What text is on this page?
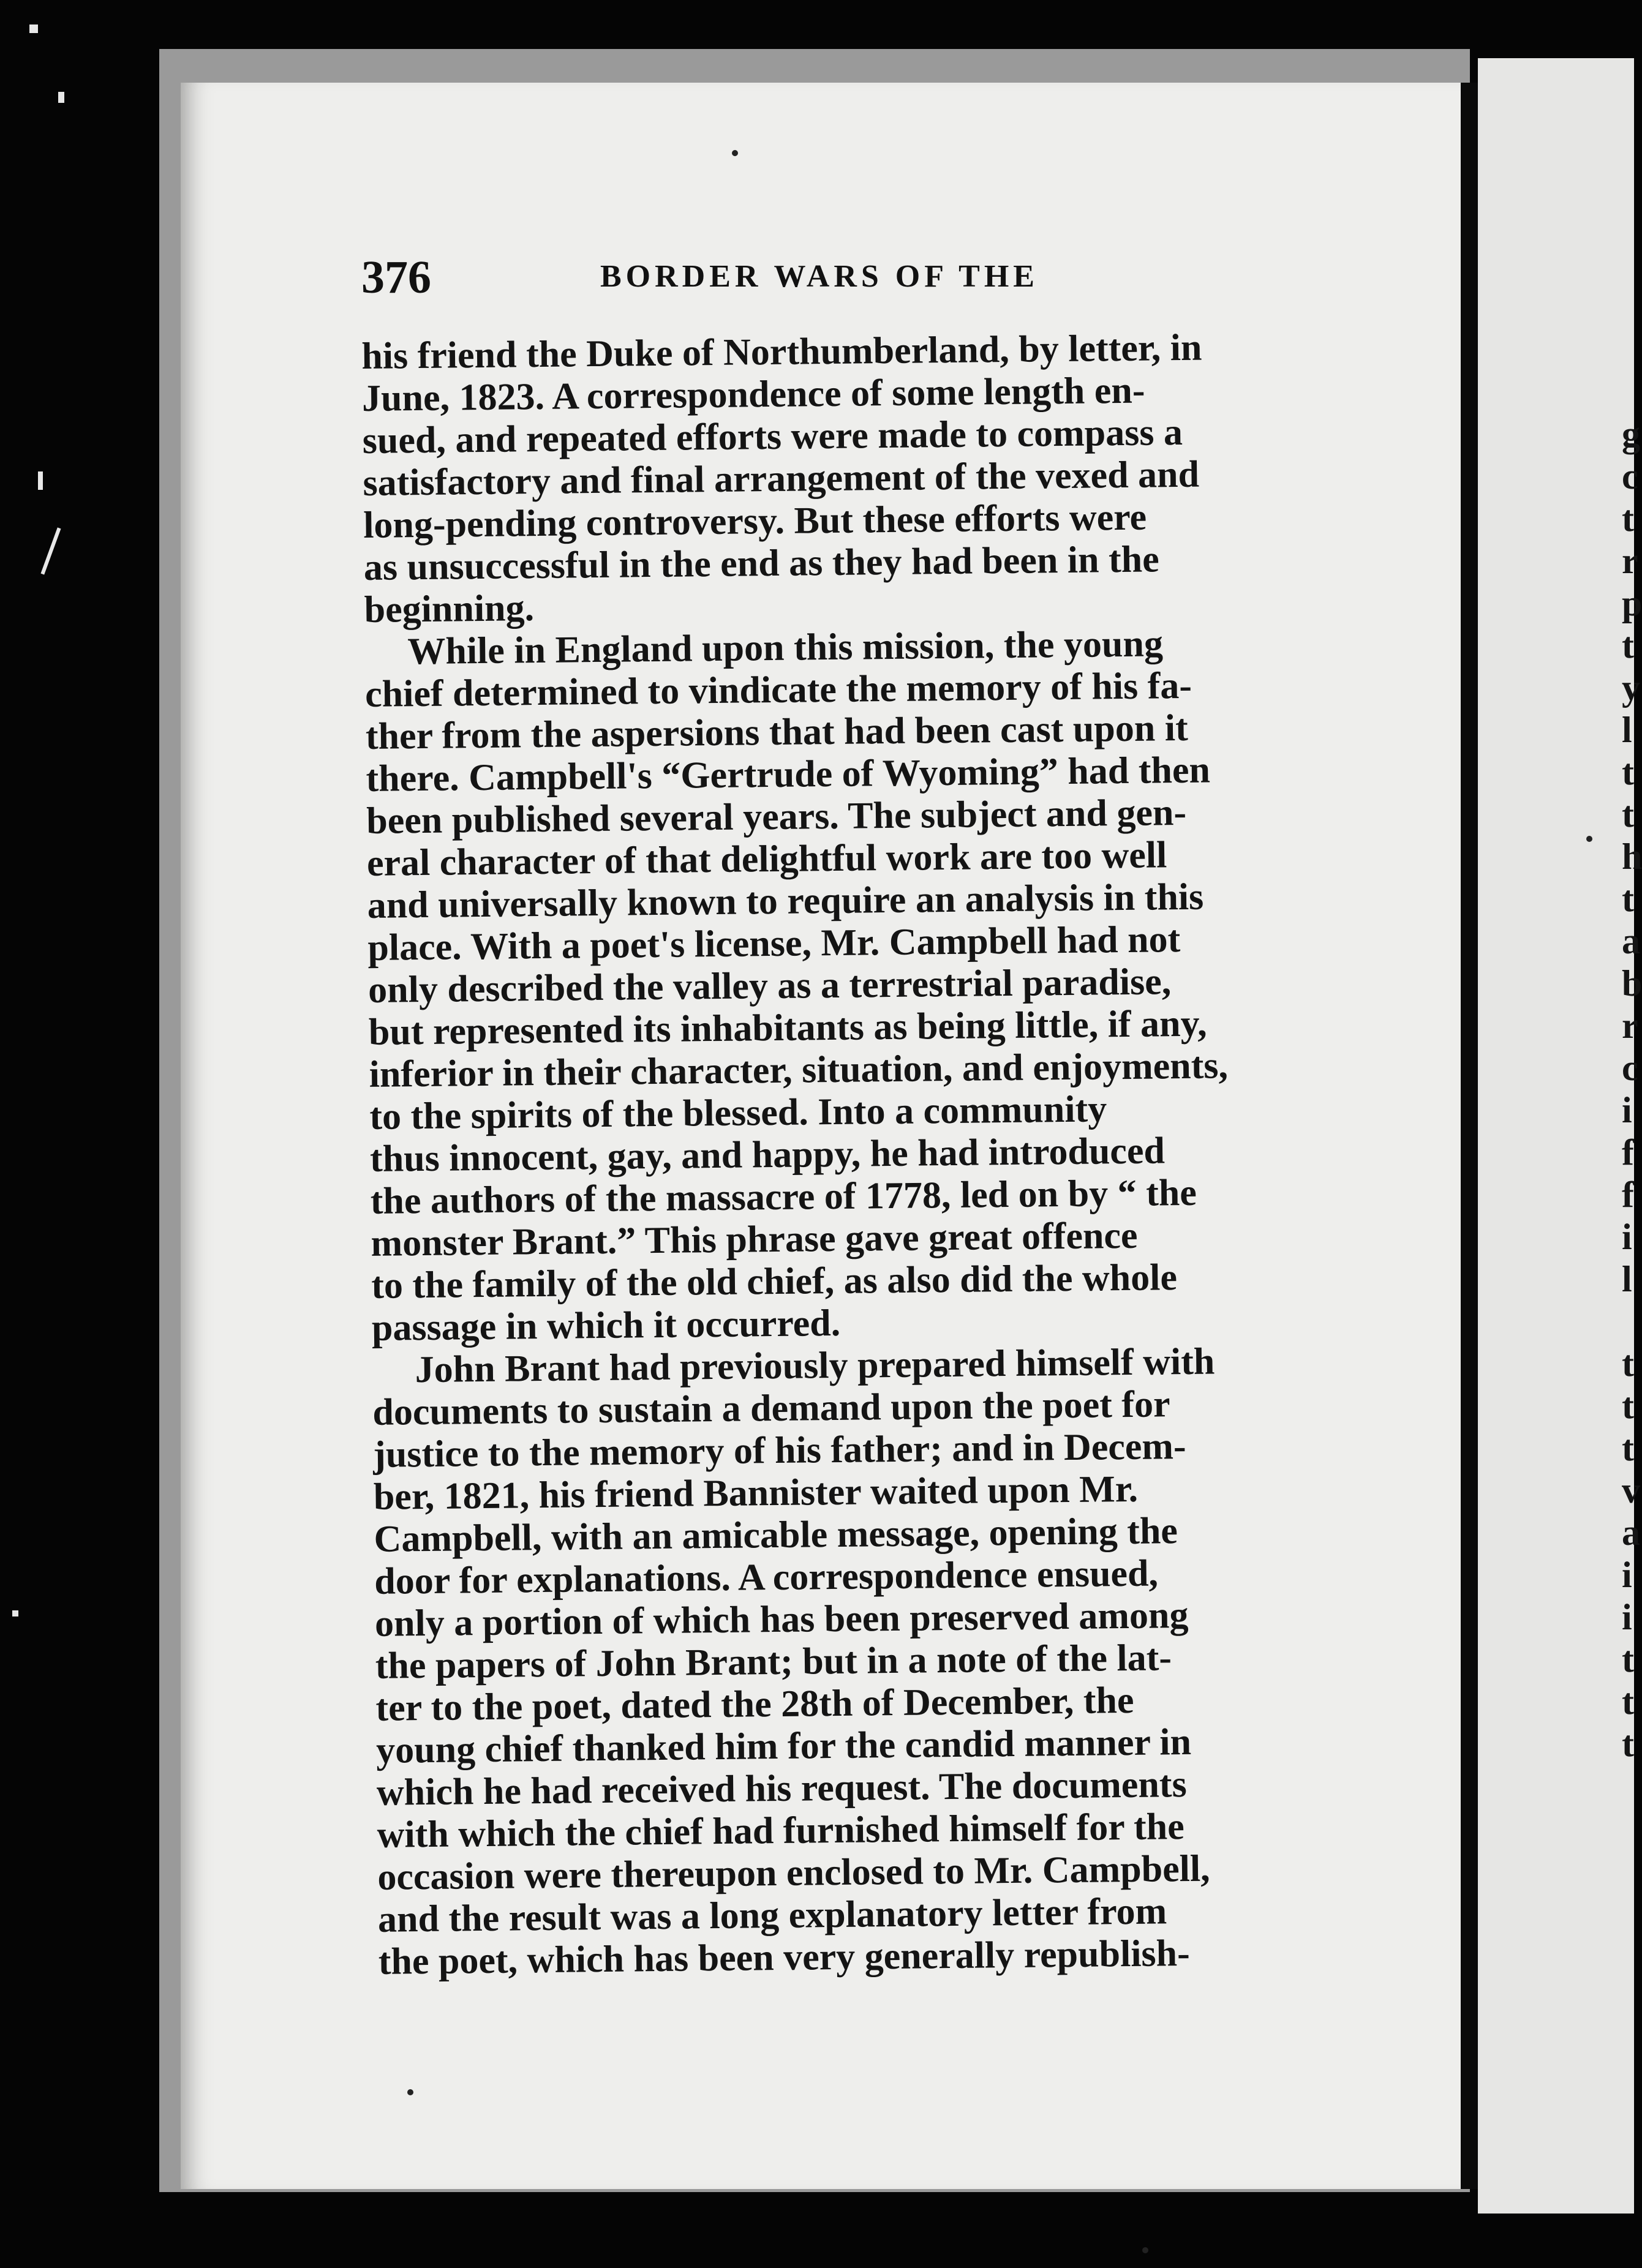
g
c
t
r
p
t
y
l
t
t
h
t
a
b
r
c
i
f
f
i
l

t
t
t
v
a
i
i
t
t
t
376	BORDER WARS OF THE

his friend the Duke of Northumberland, by letter, in
June, 1823. A correspondence of some length en-
sued, and repeated efforts were made to compass a
satisfactory and final arrangement of the vexed and
long-pending controversy. But these efforts were
as unsuccessful in the end as they had been in the
beginning.

While in England upon this mission, the young
chief determined to vindicate the memory of his fa-
ther from the aspersions that had been cast upon it
there. Campbell's “Gertrude of Wyoming” had then
been published several years. The subject and gen-
eral character of that delightful work are too well
and universally known to require an analysis in this
place. With a poet's license, Mr. Campbell had not
only described the valley as a terrestrial paradise,
but represented its inhabitants as being little, if any,
inferior in their character, situation, and enjoyments,
to the spirits of the blessed. Into a community
thus innocent, gay, and happy, he had introduced
the authors of the massacre of 1778, led on by “ the
monster Brant.” This phrase gave great offence
to the family of the old chief, as also did the whole
passage in which it occurred.

John Brant had previously prepared himself with
documents to sustain a demand upon the poet for
justice to the memory of his father; and in Decem-
ber, 1821, his friend Bannister waited upon Mr.
Campbell, with an amicable message, opening the
door for explanations. A correspondence ensued,
only a portion of which has been preserved among
the papers of John Brant; but in a note of the lat-
ter to the poet, dated the 28th of December, the
young chief thanked him for the candid manner in
which he had received his request. The documents
with which the chief had furnished himself for the
occasion were thereupon enclosed to Mr. Campbell,
and the result was a long explanatory letter from
the poet, which has been very generally republish-
